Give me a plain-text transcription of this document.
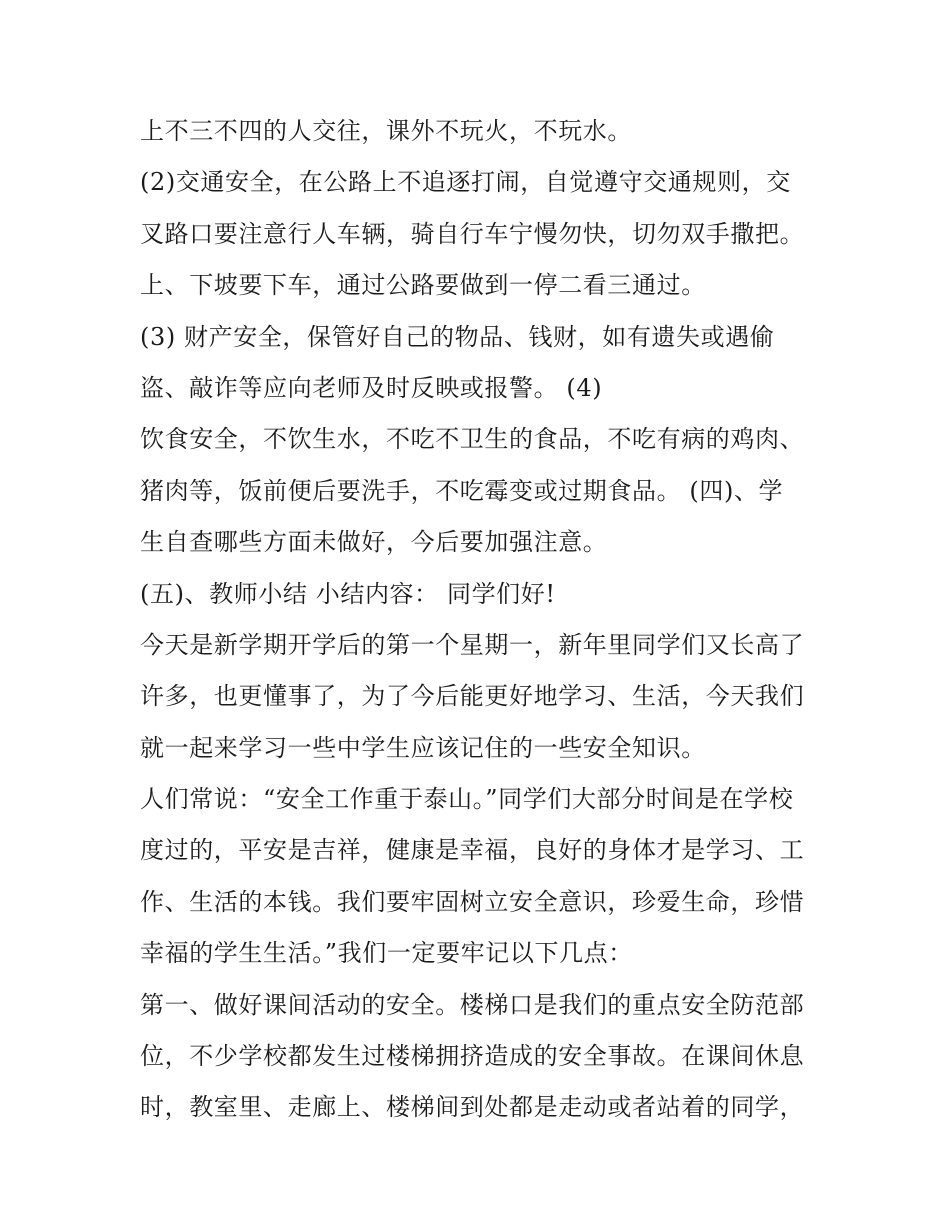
上不三不四的人交往，课外不玩火，不玩水。
(2)交通安全，在公路上不追逐打闹，自觉遵守交通规则，交
叉路口要注意行人车辆，骑自行车宁慢勿快，切勿双手撒把。
上、下坡要下车，通过公路要做到一停二看三通过。
(3) 财产安全，保管好自己的物品、钱财，如有遗失或遇偷
盗、敲诈等应向老师及时反映或报警。 (4)
饮食安全，不饮生水，不吃不卫生的食品，不吃有病的鸡肉、
猪肉等，饭前便后要洗手，不吃霉变或过期食品。 (四)、学
生自查哪些方面未做好，今后要加强注意。
(五)、教师小结 小结内容： 同学们好!
今天是新学期开学后的第一个星期一，新年里同学们又长高了
许多，也更懂事了，为了今后能更好地学习、生活，今天我们
就一起来学习一些中学生应该记住的一些安全知识。
人们常说：“安全工作重于泰山。”同学们大部分时间是在学校
度过的，平安是吉祥，健康是幸福，良好的身体才是学习、工
作、生活的本钱。我们要牢固树立安全意识，珍爱生命，珍惜
幸福的学生生活。”我们一定要牢记以下几点：
第一、做好课间活动的安全。楼梯口是我们的重点安全防范部
位，不少学校都发生过楼梯拥挤造成的安全事故。在课间休息
时，教室里、走廊上、楼梯间到处都是走动或者站着的同学，
